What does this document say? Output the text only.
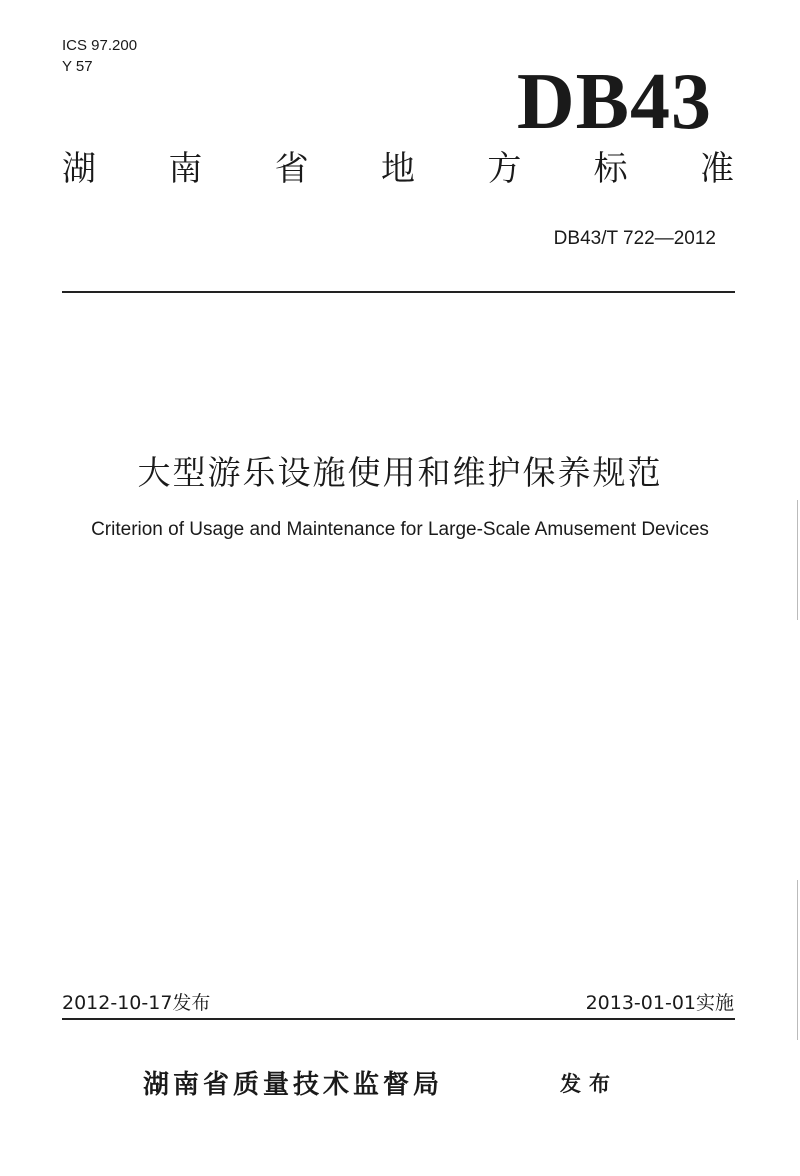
ICS 97.200
Y 57	DB43
湖 南 省 地 方 标 准
DB43/T 722—2012
大型游乐设施使用和维护保养规范
Criterion of Usage and Maintenance for Large-Scale Amusement Devices
2012-10-17发布	2013-01-01实施
湖南省质量技术监督局	发布
